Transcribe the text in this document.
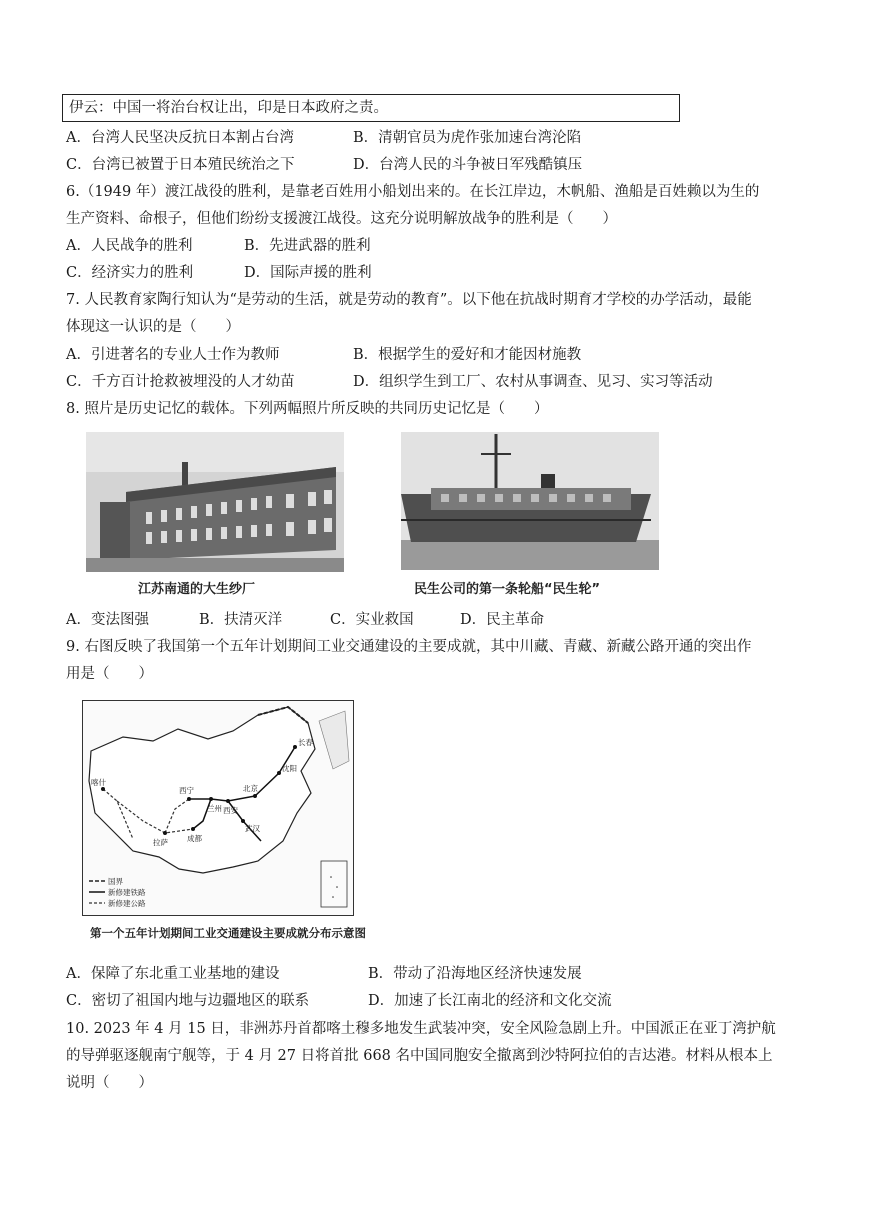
伊云：中国一将治台权让出，印是日本政府之责。
A．台湾人民坚决反抗日本割占台湾	B．清朝官员为虎作张加速台湾沦陷
C．台湾已被置于日本殖民统治之下	D．台湾人民的斗争被日军残酷镇压
6.（1949 年）渡江战役的胜利，是靠老百姓用小船划出来的。在长江岸边，木帆船、渔船是百姓赖以为生的
生产资料、命根子，但他们纷纷支援渡江战役。这充分说明解放战争的胜利是（　　）
A．人民战争的胜利	B．先进武器的胜利
C．经济实力的胜利	D．国际声援的胜利
7. 人民教育家陶行知认为“是劳动的生活，就是劳动的教育”。以下他在抗战时期育才学校的办学活动，最能
体现这一认识的是（　　）
A．引进著名的专业人士作为教师	B．根据学生的爱好和才能因材施教
C．千方百计抢救被埋没的人才幼苗	D．组织学生到工厂、农村从事调查、见习、实习等活动
8. 照片是历史记忆的载体。下列两幅照片所反映的共同历史记忆是（　　）
江苏南通的大生纱厂	民生公司的第一条轮船“民生轮”
A．变法图强	B．扶清灭洋	C．实业救国	D．民主革命
9. 右图反映了我国第一个五年计划期间工业交通建设的主要成就，其中川藏、青藏、新藏公路开通的突出作
用是（　　）
北京
沈阳
长春
西宁
兰州 西安
成都
武汉
拉萨
喀什
国界
新修建铁路
新修建公路
第一个五年计划期间工业交通建设主要成就分布示意图
A．保障了东北重工业基地的建设	B．带动了沿海地区经济快速发展
C．密切了祖国内地与边疆地区的联系	D．加速了长江南北的经济和文化交流
10. 2023 年 4 月 15 日，非洲苏丹首都喀土穆多地发生武装冲突，安全风险急剧上升。中国派正在亚丁湾护航
的导弹驱逐舰南宁舰等，于 4 月 27 日将首批 668 名中国同胞安全撤离到沙特阿拉伯的吉达港。材料从根本上
说明（　　）
